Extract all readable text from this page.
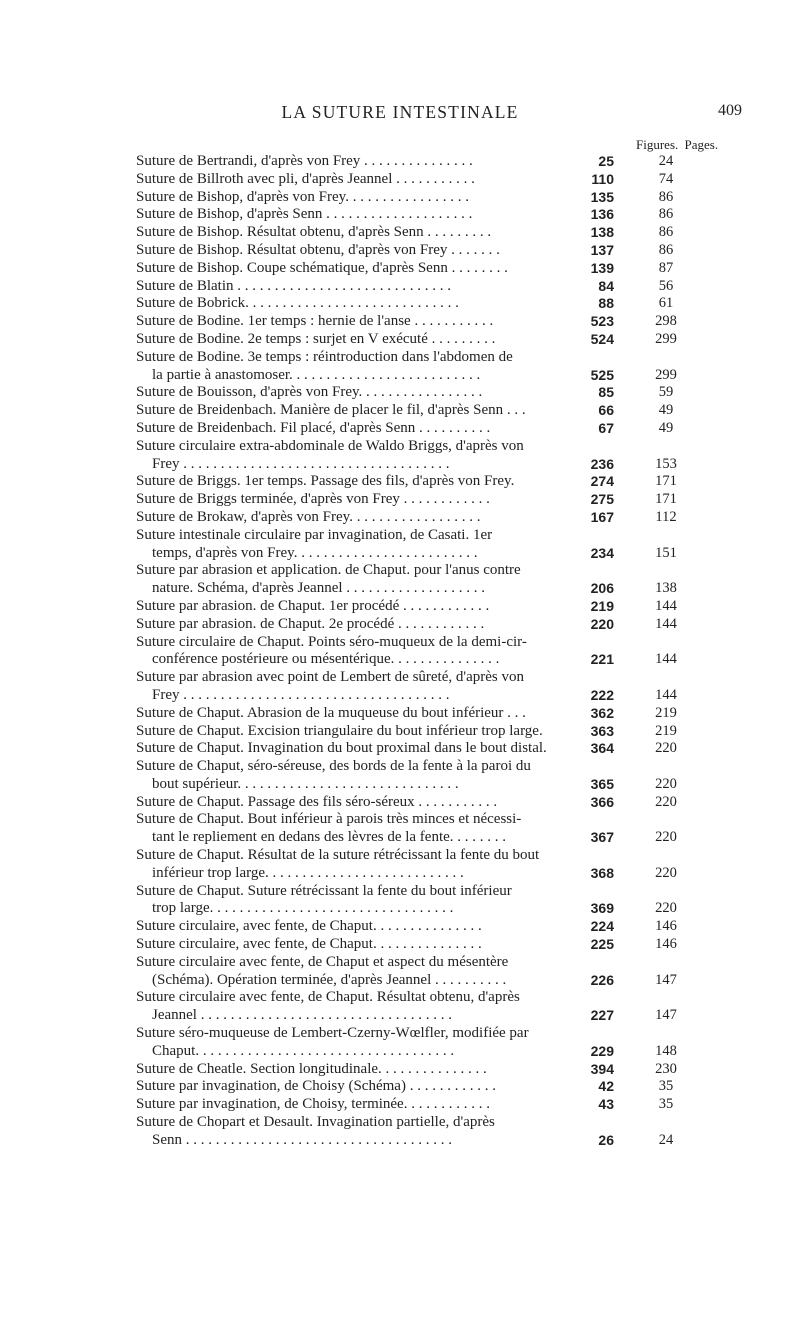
LA SUTURE INTESTINALE	409
Figures. Pages.
Suture de Bertrandi, d'après von Frey . . . . . . . . . . . . . . .	25	24
Suture de Billroth avec pli, d'après Jeannel . . . . . . . . . . .	110	74
Suture de Bishop, d'après von Frey. . . . . . . . . . . . . . . . .	135	86
Suture de Bishop, d'après Senn . . . . . . . . . . . . . . . . . . . .	136	86
Suture de Bishop. Résultat obtenu, d'après Senn . . . . . . . . .	138	86
Suture de Bishop. Résultat obtenu, d'après von Frey . . . . . . .	137	86
Suture de Bishop. Coupe schématique, d'après Senn . . . . . . . .	139	87
Suture de Blatin . . . . . . . . . . . . . . . . . . . . . . . . . . . . .	84	56
Suture de Bobrick. . . . . . . . . . . . . . . . . . . . . . . . . . . . .	88	61
Suture de Bodine. 1er temps : hernie de l'anse . . . . . . . . . . .	523	298
Suture de Bodine. 2e temps : surjet en V exécuté . . . . . . . . .	524	299
Suture de Bodine. 3e temps : réintroduction dans l'abdomen de
la partie à anastomoser. . . . . . . . . . . . . . . . . . . . . . . . . .	525	299
Suture de Bouisson, d'après von Frey. . . . . . . . . . . . . . . . .	85	59
Suture de Breidenbach. Manière de placer le fil, d'après Senn . . .	66	49
Suture de Breidenbach. Fil placé, d'après Senn . . . . . . . . . .	67	49
Suture circulaire extra-abdominale de Waldo Briggs, d'après von
Frey . . . . . . . . . . . . . . . . . . . . . . . . . . . . . . . . . . . .	236	153
Suture de Briggs. 1er temps. Passage des fils, d'après von Frey.	274	171
Suture de Briggs terminée, d'après von Frey . . . . . . . . . . . .	275	171
Suture de Brokaw, d'après von Frey. . . . . . . . . . . . . . . . . .	167	112
Suture intestinale circulaire par invagination, de Casati. 1er
temps, d'après von Frey. . . . . . . . . . . . . . . . . . . . . . . . .	234	151
Suture par abrasion et application. de Chaput. pour l'anus contre
nature. Schéma, d'après Jeannel . . . . . . . . . . . . . . . . . . .	206	138
Suture par abrasion. de Chaput. 1er procédé . . . . . . . . . . . .	219	144
Suture par abrasion. de Chaput. 2e procédé . . . . . . . . . . . .	220	144
Suture circulaire de Chaput. Points séro-muqueux de la demi-cir-
conférence postérieure ou mésentérique. . . . . . . . . . . . . . .	221	144
Suture par abrasion avec point de Lembert de sûreté, d'après von
Frey . . . . . . . . . . . . . . . . . . . . . . . . . . . . . . . . . . . .	222	144
Suture de Chaput. Abrasion de la muqueuse du bout inférieur . . .	362	219
Suture de Chaput. Excision triangulaire du bout inférieur trop large.	363	219
Suture de Chaput. Invagination du bout proximal dans le bout distal.	364	220
Suture de Chaput, séro-séreuse, des bords de la fente à la paroi du
bout supérieur. . . . . . . . . . . . . . . . . . . . . . . . . . . . . .	365	220
Suture de Chaput. Passage des fils séro-séreux . . . . . . . . . . .	366	220
Suture de Chaput. Bout inférieur à parois très minces et nécessi-
tant le repliement en dedans des lèvres de la fente. . . . . . . .	367	220
Suture de Chaput. Résultat de la suture rétrécissant la fente du bout
inférieur trop large. . . . . . . . . . . . . . . . . . . . . . . . . . .	368	220
Suture de Chaput. Suture rétrécissant la fente du bout inférieur
trop large. . . . . . . . . . . . . . . . . . . . . . . . . . . . . . . . .	369	220
Suture circulaire, avec fente, de Chaput. . . . . . . . . . . . . . .	224	146
Suture circulaire, avec fente, de Chaput. . . . . . . . . . . . . . .	225	146
Suture circulaire avec fente, de Chaput et aspect du mésentère
(Schéma). Opération terminée, d'après Jeannel . . . . . . . . . .	226	147
Suture circulaire avec fente, de Chaput. Résultat obtenu, d'après
Jeannel . . . . . . . . . . . . . . . . . . . . . . . . . . . . . . . . . .	227	147
Suture séro-muqueuse de Lembert-Czerny-Wœlfler, modifiée par
Chaput. . . . . . . . . . . . . . . . . . . . . . . . . . . . . . . . . . .	229	148
Suture de Cheatle. Section longitudinale. . . . . . . . . . . . . . .	394	230
Suture par invagination, de Choisy (Schéma) . . . . . . . . . . . .	42	35
Suture par invagination, de Choisy, terminée. . . . . . . . . . . .	43	35
Suture de Chopart et Desault. Invagination partielle, d'après
Senn . . . . . . . . . . . . . . . . . . . . . . . . . . . . . . . . . . . .	26	24
